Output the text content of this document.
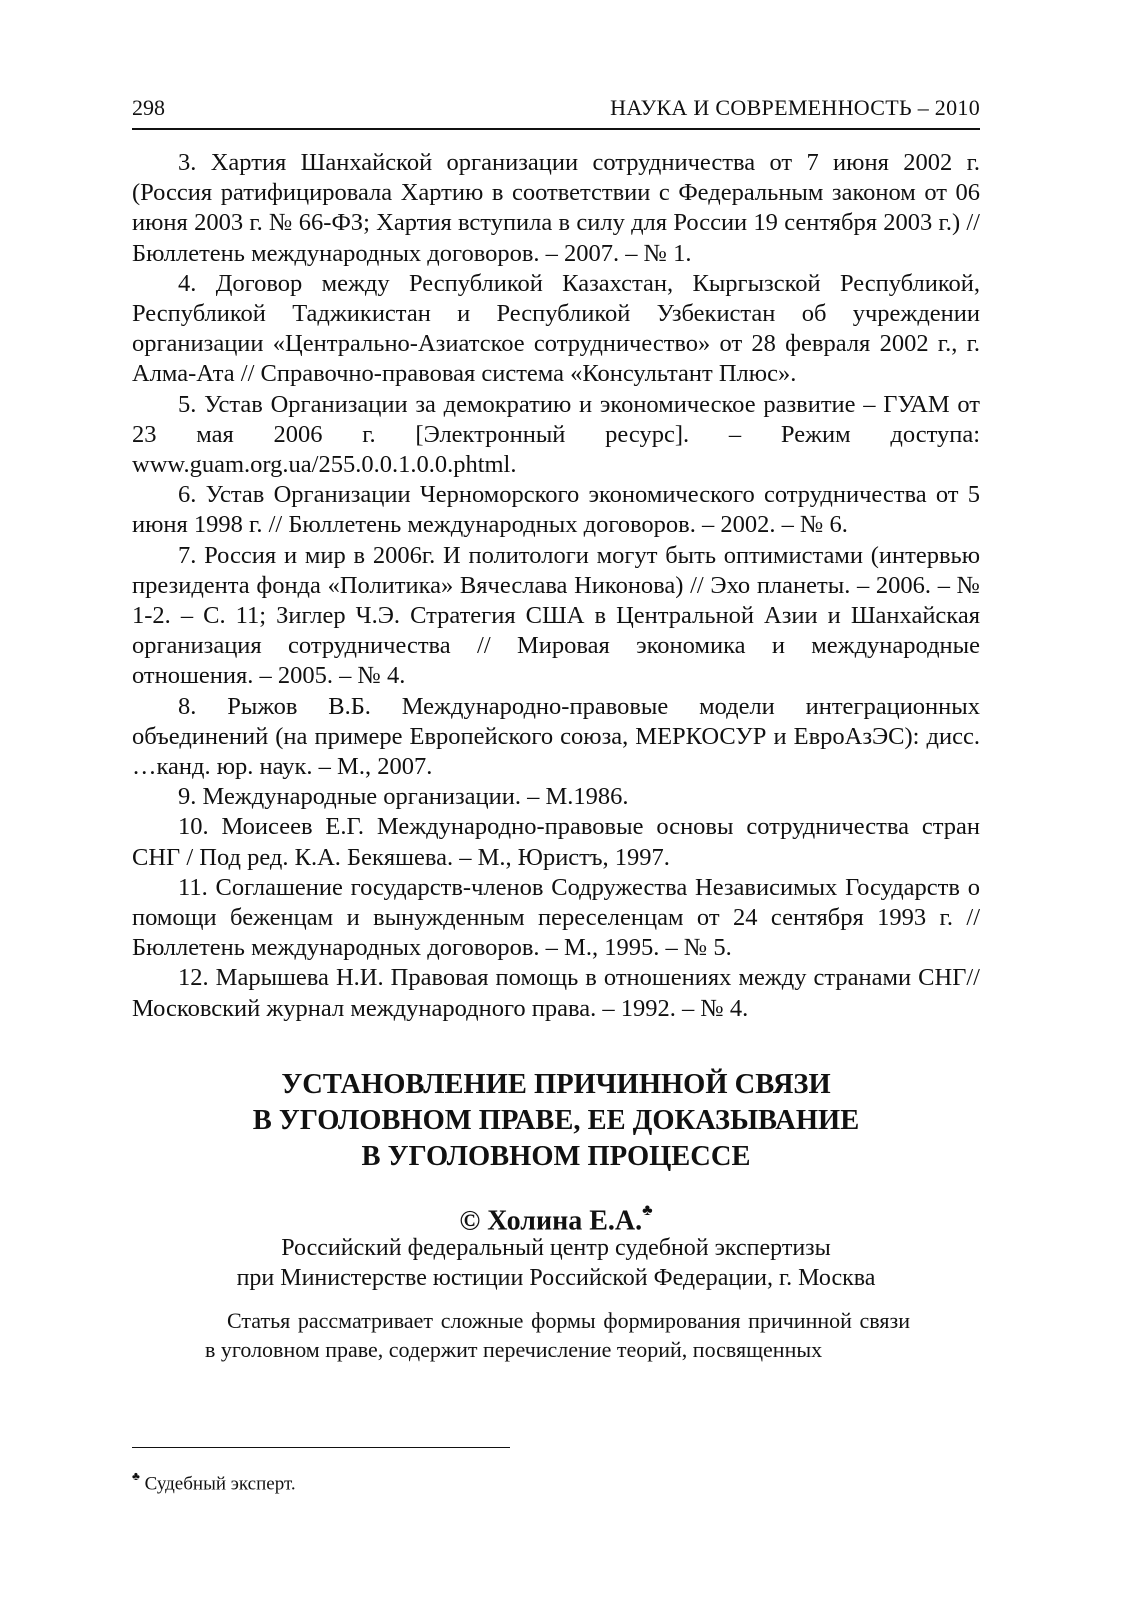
298	НАУКА И СОВРЕМЕННОСТЬ – 2010

3. Хартия Шанхайской организации сотрудничества от 7 июня 2002 г. (Россия ратифицировала Хартию в соответствии с Федеральным законом от 06 июня 2003 г. № 66-ФЗ; Хартия вступила в силу для России 19 сентября 2003 г.) // Бюллетень международных договоров. – 2007. – № 1.

4. Договор между Республикой Казахстан, Кыргызской Республикой, Республикой Таджикистан и Республикой Узбекистан об учреждении организации «Центрально-Азиатское сотрудничество» от 28 февраля 2002 г., г. Алма-Ата // Справочно-правовая система «Консультант Плюс».

5. Устав Организации за демократию и экономическое развитие – ГУАМ от 23 мая 2006 г. [Электронный ресурс]. – Режим доступа: www.guam.org.ua/255.0.0.1.0.0.phtml.

6. Устав Организации Черноморского экономического сотрудничества от 5 июня 1998 г. // Бюллетень международных договоров. – 2002. – № 6.

7. Россия и мир в 2006г. И политологи могут быть оптимистами (интервью президента фонда «Политика» Вячеслава Никонова) // Эхо планеты. – 2006. – № 1-2. – С. 11; Зиглер Ч.Э. Стратегия США в Центральной Азии и Шанхайская организация сотрудничества // Мировая экономика и международные отношения. – 2005. – № 4.

8. Рыжов В.Б. Международно-правовые модели интеграционных объединений (на примере Европейского союза, МЕРКОСУР и ЕвроАзЭС): дисс. …канд. юр. наук. – М., 2007.

9. Международные организации. – М.1986.

10. Моисеев Е.Г. Международно-правовые основы сотрудничества стран СНГ / Под ред. К.А. Бекяшева. – М., Юристъ, 1997.

11. Соглашение государств-членов Содружества Независимых Государств о помощи беженцам и вынужденным переселенцам от 24 сентября 1993 г. // Бюллетень международных договоров. – М., 1995. – № 5.

12. Марышева Н.И. Правовая помощь в отношениях между странами СНГ// Московский журнал международного права. – 1992. – № 4.

УСТАНОВЛЕНИЕ ПРИЧИННОЙ СВЯЗИ
В УГОЛОВНОМ ПРАВЕ, ЕЕ ДОКАЗЫВАНИЕ
В УГОЛОВНОМ ПРОЦЕССЕ
© Холина Е.А.♣
Российский федеральный центр судебной экспертизы
при Министерстве юстиции Российской Федерации, г. Москва

Статья рассматривает сложные формы формирования причинной связи в уголовном праве, содержит перечисление теорий, посвященных

♣ Судебный эксперт.
